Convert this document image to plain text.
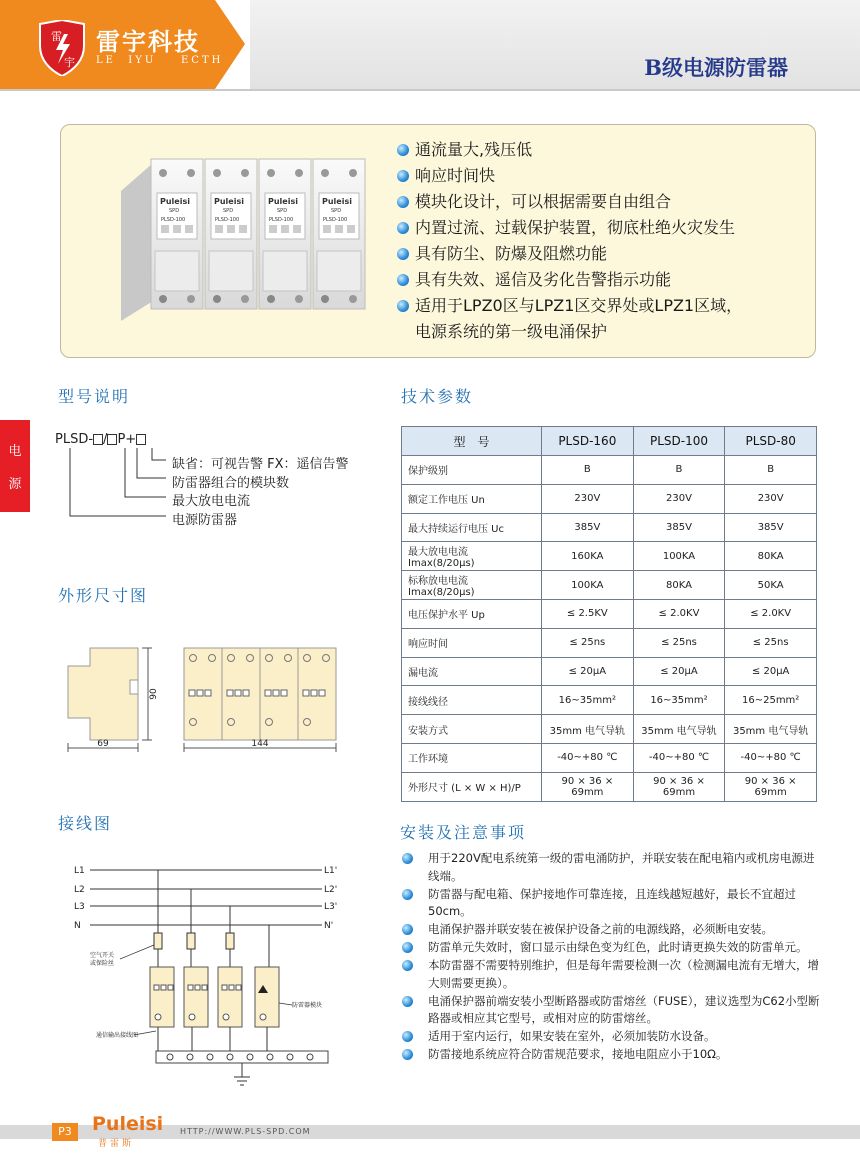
雷
宇
雷宇科技
LE  IYU    ECTH	B级电源防雷器
Puleisi
SPD
PLSD-100
Puleisi
SPD
PLSD-100
Puleisi
SPD
PLSD-100
Puleisi
SPD
PLSD-100
通流量大,残压低
响应时间快
模块化设计，可以根据需要自由组合
内置过流、过载保护装置，彻底杜绝火灾发生
具有防尘、防爆及阻燃功能
具有失效、遥信及劣化告警指示功能
适用于LPZ0区与LPZ1区交界处或LPZ1区域，
电源系统的第一级电涌保护
电
源
型号说明
PLSD- / P+
缺省：可视告警 FX：遥信告警
防雷器组合的模块数
最大放电电流
电源防雷器
外形尺寸图
69
90
144
接线图
L1
L2
L3
N
L1'
L2'
L3'
N'
空气开关
或保险丝
防雷器模块
通信输出接线图
技术参数
型　号	PLSD-160	PLSD-100	PLSD-80
保护级别	B	B	B
额定工作电压 Un	230V	230V	230V
最大持续运行电压 Uc	385V	385V	385V
最大放电电流 Imax(8/20μs)	160KA	100KA	80KA
标称放电电流 Imax(8/20μs)	100KA	80KA	50KA
电压保护水平 Up	≤ 2.5KV	≤ 2.0KV	≤ 2.0KV
响应时间	≤ 25ns	≤ 25ns	≤ 25ns
漏电流	≤ 20μA	≤ 20μA	≤ 20μA
接线线径	16~35mm²	16~35mm²	16~25mm²
安装方式	35mm 电气导轨	35mm 电气导轨	35mm 电气导轨
工作环境	-40~+80 ℃	-40~+80 ℃	-40~+80 ℃
外形尺寸 (L × W × H)/P	90 × 36 × 69mm	90 × 36 × 69mm	90 × 36 × 69mm
安装及注意事项
用于220V配电系统第一级的雷电涌防护，并联安装在配电箱内或机房电源进线端。
防雷器与配电箱、保护接地作可靠连接，且连线越短越好，最长不宜超过50cm。
电涌保护器并联安装在被保护设备之前的电源线路，必须断电安装。
防雷单元失效时，窗口显示由绿色变为红色，此时请更换失效的防雷单元。
本防雷器不需要特别维护，但是每年需要检测一次（检测漏电流有无增大，增大则需要更换）。
电涌保护器前端安装小型断路器或防雷熔丝（FUSE），建议选型为C62小型断路器或相应其它型号，或相对应的防雷熔丝。
适用于室内运行，如果安装在室外，必须加装防水设备。
防雷接地系统应符合防雷规范要求，接地电阻应小于10Ω。
P3	Puleisi
普雷斯
HTTP://WWW.PLS-SPD.COM
